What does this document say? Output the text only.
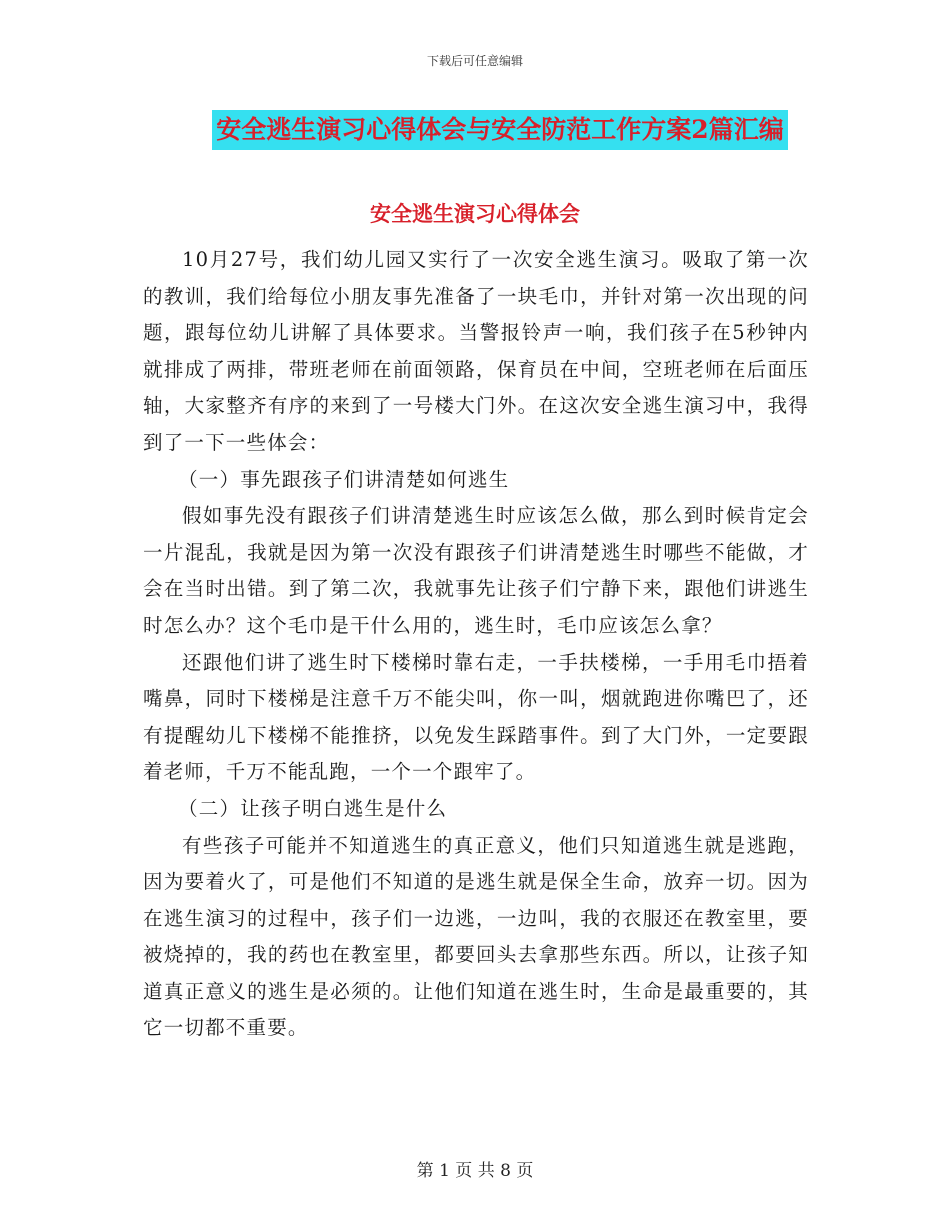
下载后可任意编辑
安全逃生演习心得体会与安全防范工作方案2篇汇编
安全逃生演习心得体会

10月27号，我们幼儿园又实行了一次安全逃生演习。吸取了第一次的教训，我们给每位小朋友事先准备了一块毛巾，并针对第一次出现的问题，跟每位幼儿讲解了具体要求。当警报铃声一响，我们孩子在5秒钟内就排成了两排，带班老师在前面领路，保育员在中间，空班老师在后面压轴，大家整齐有序的来到了一号楼大门外。在这次安全逃生演习中，我得到了一下一些体会：

（一）事先跟孩子们讲清楚如何逃生

假如事先没有跟孩子们讲清楚逃生时应该怎么做，那么到时候肯定会一片混乱，我就是因为第一次没有跟孩子们讲清楚逃生时哪些不能做，才会在当时出错。到了第二次，我就事先让孩子们宁静下来，跟他们讲逃生时怎么办？这个毛巾是干什么用的，逃生时，毛巾应该怎么拿？

还跟他们讲了逃生时下楼梯时靠右走，一手扶楼梯，一手用毛巾捂着嘴鼻，同时下楼梯是注意千万不能尖叫，你一叫，烟就跑进你嘴巴了，还有提醒幼儿下楼梯不能推挤，以免发生踩踏事件。到了大门外，一定要跟着老师，千万不能乱跑，一个一个跟牢了。

（二）让孩子明白逃生是什么

有些孩子可能并不知道逃生的真正意义，他们只知道逃生就是逃跑，因为要着火了，可是他们不知道的是逃生就是保全生命，放弃一切。因为在逃生演习的过程中，孩子们一边逃，一边叫，我的衣服还在教室里，要被烧掉的，我的药也在教室里，都要回头去拿那些东西。所以，让孩子知道真正意义的逃生是必须的。让他们知道在逃生时，生命是最重要的，其它一切都不重要。

第 1 页 共 8 页
